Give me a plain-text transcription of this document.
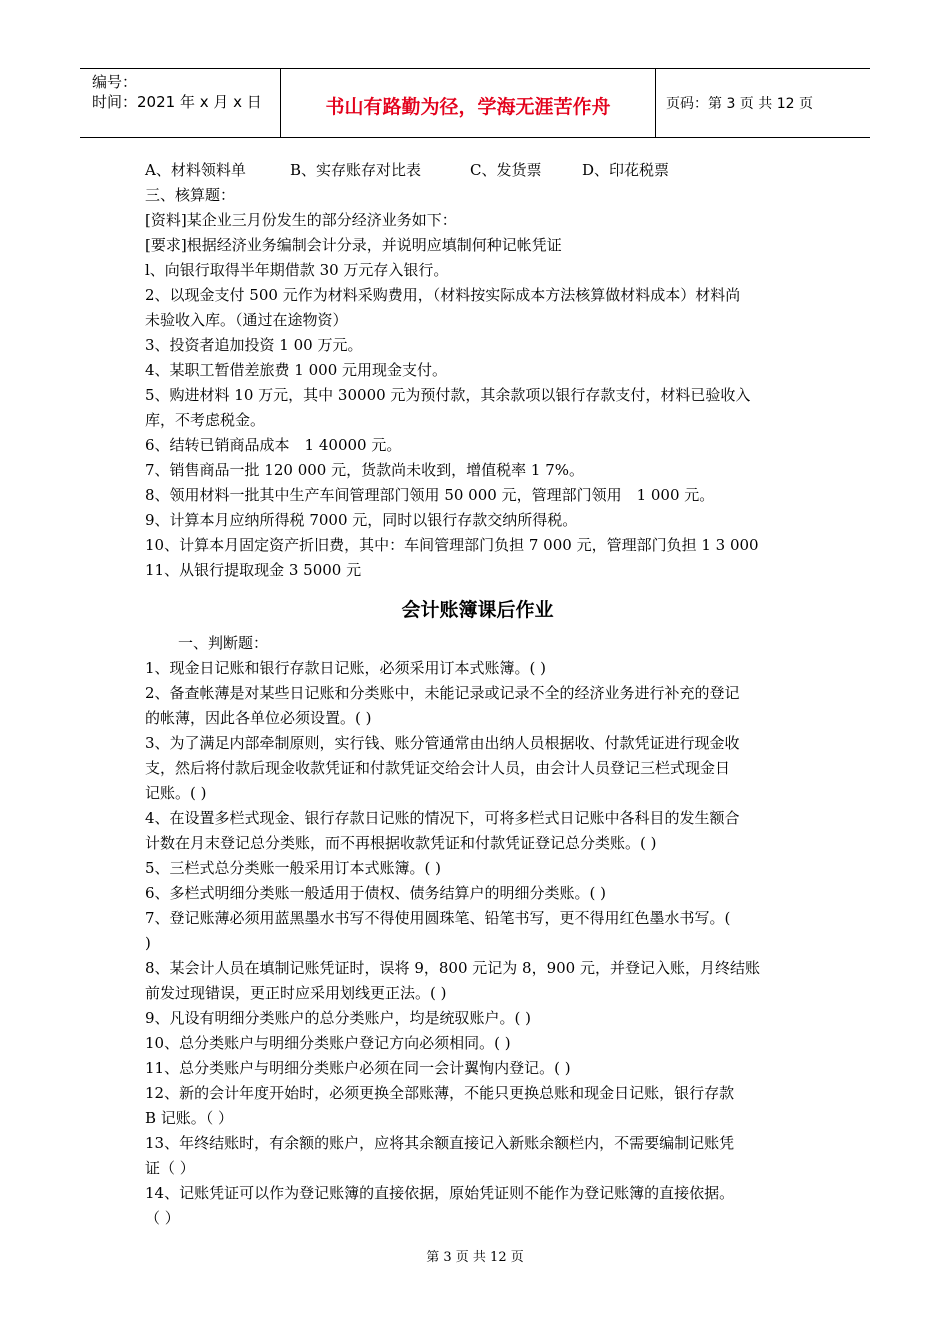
编号：
时间：2021 年 x 月 x 日	书山有路勤为径，学海无涯苦作舟	页码：第 3 页 共 12 页
A、材料领料单	B、实存账存对比表	C、发货票	D、印花税票

三、核算题：

[资料]某企业三月份发生的部分经济业务如下：

[要求]根据经济业务编制会计分录，并说明应填制何种记帐凭证

l、向银行取得半年期借款 30 万元存入银行。

2、以现金支付 500 元作为材料采购费用，（材料按实际成本方法核算做材料成本）材料尚

未验收入库。（通过在途物资）

3、投资者追加投资 1 00 万元。

4、某职工暂借差旅费 1 000 元用现金支付。

5、购进材料 10 万元，其中 30000 元为预付款，其余款项以银行存款支付，材料已验收入

库，不考虑税金。

6、结转已销商品成本　1 40000 元。

7、销售商品一批 120 000 元，货款尚未收到，增值税率 1 7%。

8、领用材料一批其中生产车间管理部门领用 50 000 元，管理部门领用　1 000 元。

9、计算本月应纳所得税 7000 元，同时以银行存款交纳所得税。

10、计算本月固定资产折旧费，其中：车间管理部门负担 7 000 元，管理部门负担 1 3 000

11、从银行提取现金 3 5000 元

会计账簿课后作业

一、判断题：

1、现金日记账和银行存款日记账，必须采用订本式账簿。( )

2、备查帐薄是对某些日记账和分类账中，未能记录或记录不全的经济业务进行补充的登记

的帐薄，因此各单位必须设置。( )

3、为了满足内部牵制原则，实行钱、账分管通常由出纳人员根据收、付款凭证进行现金收

支，然后将付款后现金收款凭证和付款凭证交给会计人员，由会计人员登记三栏式现金日

记账。( )

4、在设置多栏式现金、银行存款日记账的情况下，可将多栏式日记账中各科目的发生额合

计数在月末登记总分类账，而不再根据收款凭证和付款凭证登记总分类账。( )

5、三栏式总分类账一般采用订本式账簿。( )

6、多栏式明细分类账一般适用于债权、债务结算户的明细分类账。( )

7、登记账薄必须用蓝黑墨水书写不得使用圆珠笔、铅笔书写，更不得用红色墨水书写。(

)

8、某会计人员在填制记账凭证时，误将 9，800 元记为 8，900 元，并登记入账，月终结账

前发过现错误，更正时应采用划线更正法。( )

9、凡设有明细分类账户的总分类账户，均是统驭账户。( )

10、总分类账户与明细分类账户登记方向必须相同。( )

11、总分类账户与明细分类账户必须在同一会计翼恂内登记。( )

12、新的会计年度开始时，必须更换全部账薄，不能只更换总账和现金日记账，银行存款

B 记账。（ ）

13、年终结账时，有余额的账户，应将其余额直接记入新账余额栏内，不需要编制记账凭

证（ ）

14、记账凭证可以作为登记账簿的直接依据，原始凭证则不能作为登记账簿的直接依据。

（ ）

第 3 页 共 12 页
